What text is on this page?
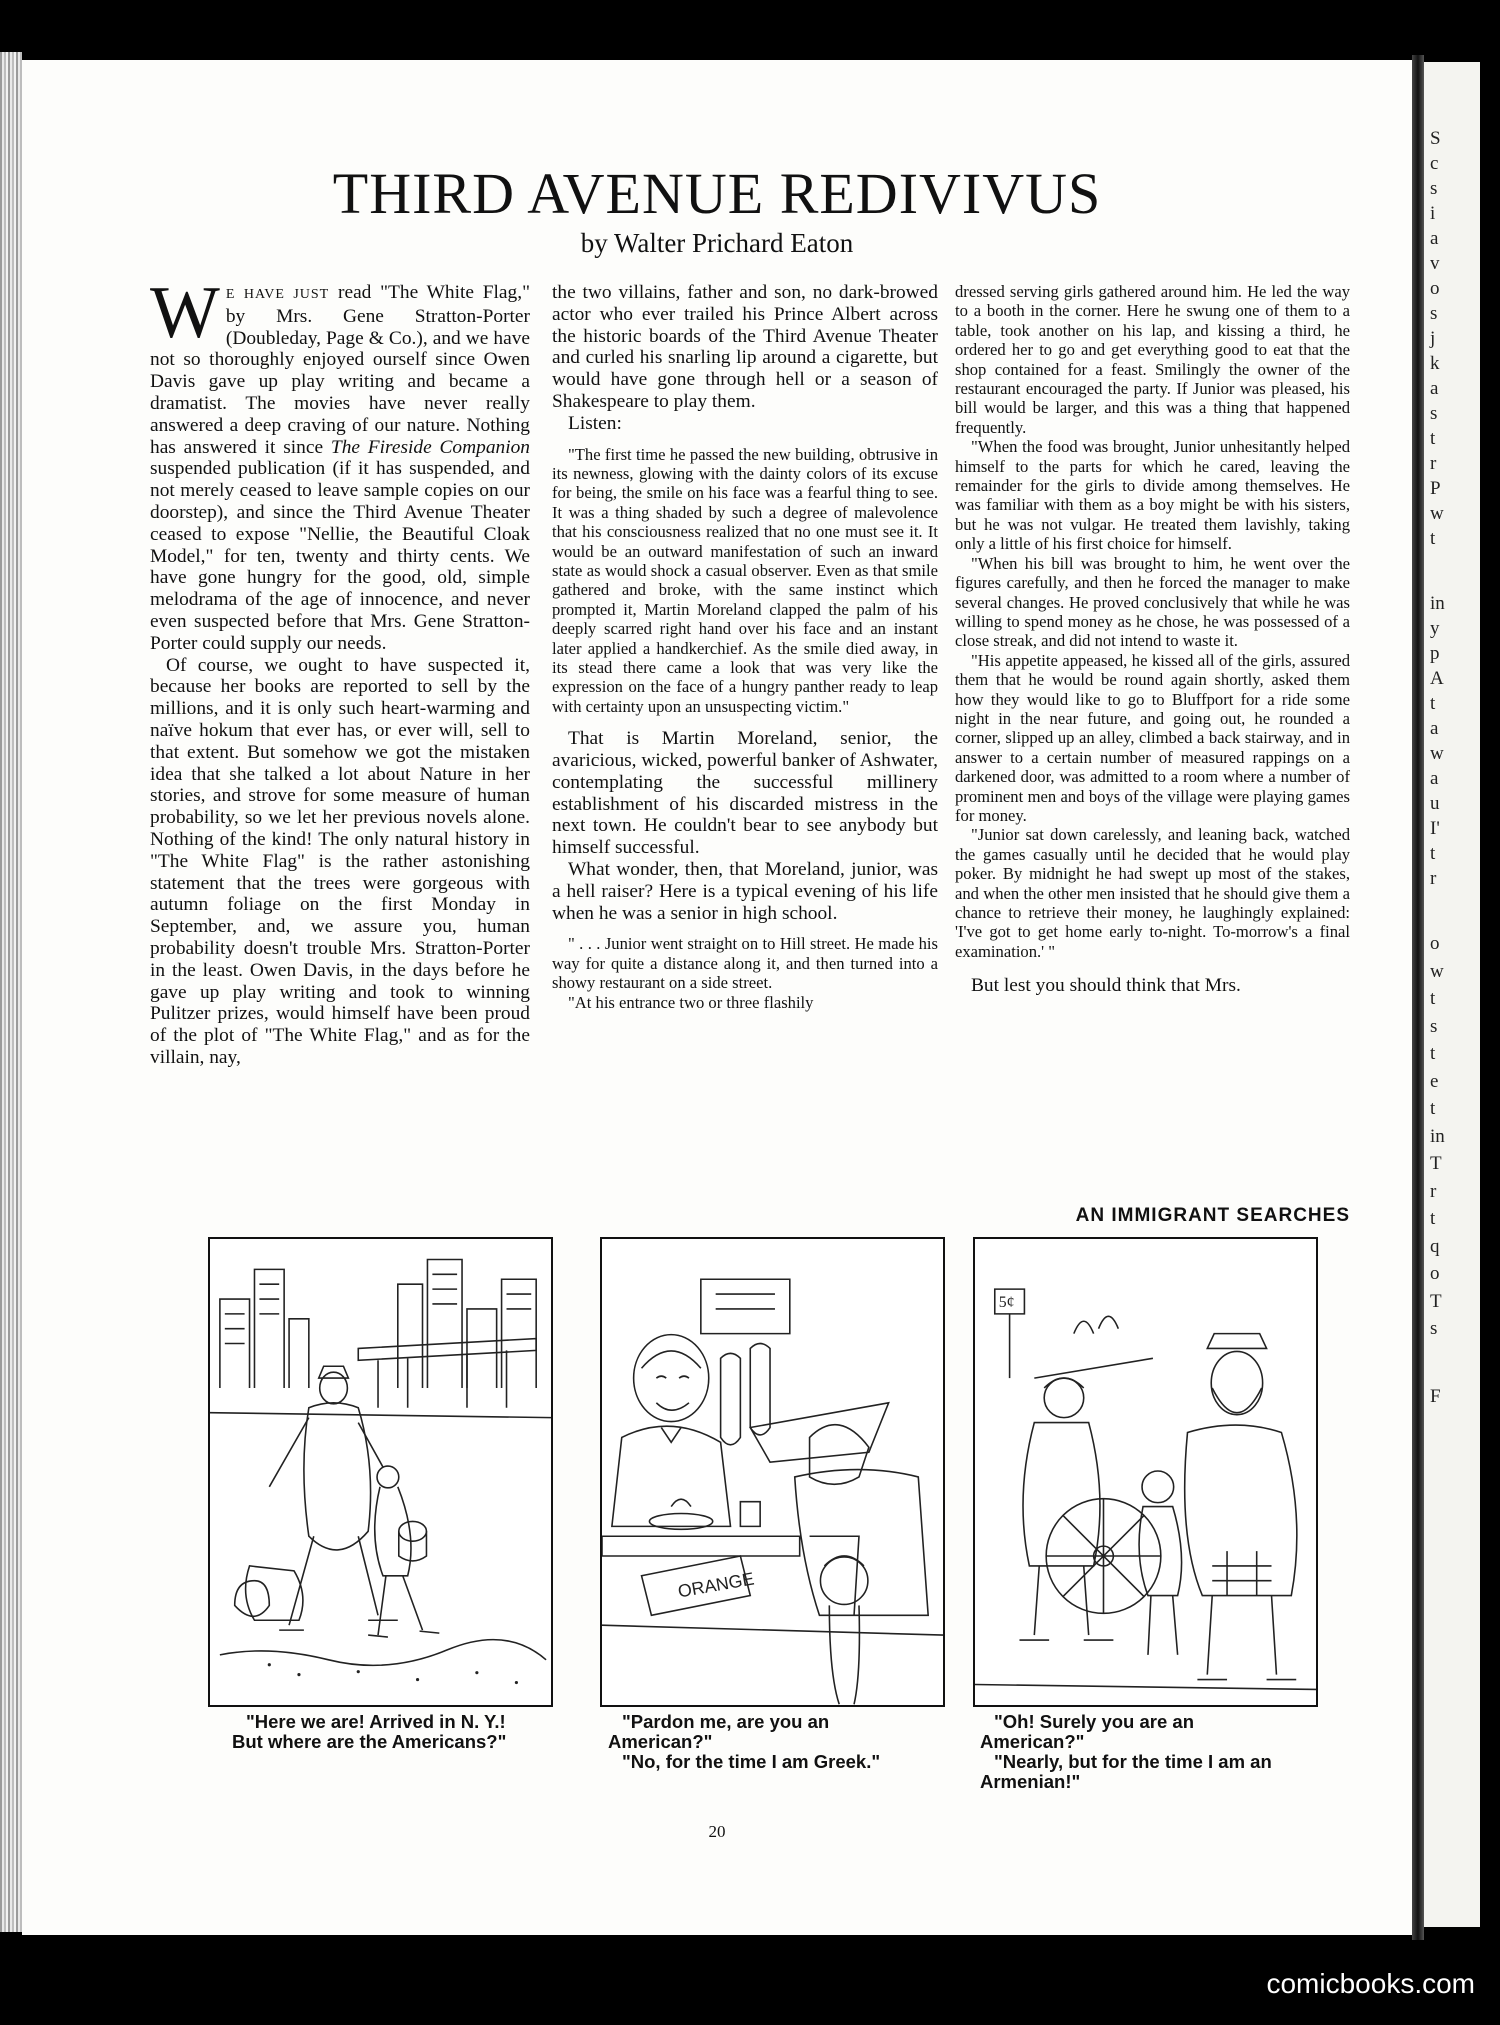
S
c
s
i
a
v
o
s
j
k
a
s
t
r
P
w
t
in
y
p
A
t
a
w
a
u
I'
t
r
o
w
t
s
t
e
t
in
T
r
t
q
o
T
s
F
THIRD AVENUE REDIVIVUS
by Walter Prichard Eaton

W E HAVE JUST read "The White Flag," by Mrs. Gene Stratton-Porter (Doubleday, Page & Co.), and we have not so thoroughly enjoyed ourself since Owen Davis gave up play writing and became a dramatist. The movies have never really answered a deep craving of our nature. Nothing has answered it since The Fireside Companion suspended publication (if it has suspended, and not merely ceased to leave sample copies on our doorstep), and since the Third Avenue Theater ceased to expose "Nellie, the Beautiful Cloak Model," for ten, twenty and thirty cents. We have gone hungry for the good, old, simple melodrama of the age of innocence, and never even suspected before that Mrs. Gene Stratton-Porter could supply our needs.

Of course, we ought to have suspected it, because her books are reported to sell by the millions, and it is only such heart-warming and naïve hokum that ever has, or ever will, sell to that extent. But somehow we got the mistaken idea that she talked a lot about Nature in her stories, and strove for some measure of human probability, so we let her previous novels alone. Nothing of the kind! The only natural history in "The White Flag" is the rather astonishing statement that the trees were gorgeous with autumn foliage on the first Monday in September, and, we assure you, human probability doesn't trouble Mrs. Stratton-Porter in the least. Owen Davis, in the days before he gave up play writing and took to winning Pulitzer prizes, would himself have been proud of the plot of "The White Flag," and as for the villain, nay,

the two villains, father and son, no dark-browed actor who ever trailed his Prince Albert across the historic boards of the Third Avenue Theater and curled his snarling lip around a cigarette, but would have gone through hell or a season of Shakespeare to play them.

Listen:

"The first time he passed the new building, obtrusive in its newness, glowing with the dainty colors of its excuse for being, the smile on his face was a fearful thing to see. It was a thing shaded by such a degree of malevolence that his consciousness realized that no one must see it. It would be an outward manifestation of such an inward state as would shock a casual observer. Even as that smile gathered and broke, with the same instinct which prompted it, Martin Moreland clapped the palm of his deeply scarred right hand over his face and an instant later applied a handkerchief. As the smile died away, in its stead there came a look that was very like the expression on the face of a hungry panther ready to leap with certainty upon an unsuspecting victim."

That is Martin Moreland, senior, the avaricious, wicked, powerful banker of Ashwater, contemplating the successful millinery establishment of his discarded mistress in the next town. He couldn't bear to see anybody but himself successful.

What wonder, then, that Moreland, junior, was a hell raiser? Here is a typical evening of his life when he was a senior in high school.

" . . . Junior went straight on to Hill street. He made his way for quite a distance along it, and then turned into a showy restaurant on a side street.

"At his entrance two or three flashily

dressed serving girls gathered around him. He led the way to a booth in the corner. Here he swung one of them to a table, took another on his lap, and kissing a third, he ordered her to go and get everything good to eat that the shop contained for a feast. Smilingly the owner of the restaurant encouraged the party. If Junior was pleased, his bill would be larger, and this was a thing that happened frequently.

"When the food was brought, Junior unhesitantly helped himself to the parts for which he cared, leaving the remainder for the girls to divide among themselves. He was familiar with them as a boy might be with his sisters, but he was not vulgar. He treated them lavishly, taking only a little of his first choice for himself.

"When his bill was brought to him, he went over the figures carefully, and then he forced the manager to make several changes. He proved conclusively that while he was willing to spend money as he chose, he was possessed of a close streak, and did not intend to waste it.

"His appetite appeased, he kissed all of the girls, assured them that he would be round again shortly, asked them how they would like to go to Bluffport for a ride some night in the near future, and going out, he rounded a corner, slipped up an alley, climbed a back stairway, and in answer to a certain number of measured rappings on a darkened door, was admitted to a room where a number of prominent men and boys of the village were playing games for money.

"Junior sat down carelessly, and leaning back, watched the games casually until he decided that he would play poker. By midnight he had swept up most of the stakes, and when the other men insisted that he should give them a chance to retrieve their money, he laughingly explained: 'I've got to get home early to-night. To-morrow's a final examination.' "

But lest you should think that Mrs.

AN IMMIGRANT SEARCHES
ORANGE
5¢

"Here we are! Arrived in N. Y.! But where are the Americans?"

"Pardon me, are you an American?"

"No, for the time I am Greek."

"Oh! Surely you are an American?"

"Nearly, but for the time I am an Armenian!"

20
comicbooks.com
